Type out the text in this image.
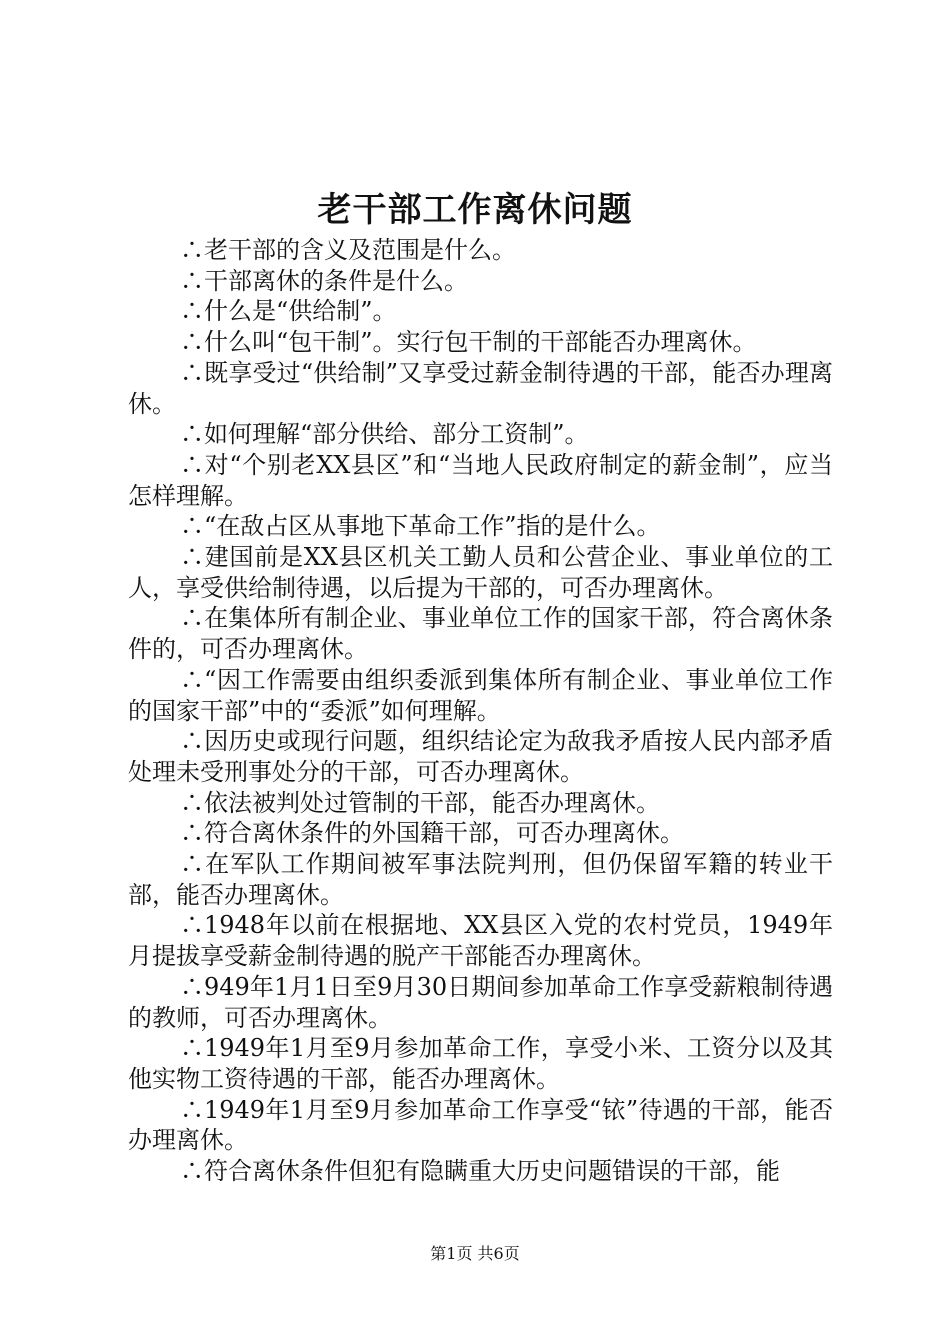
老干部工作离休问题

∴老干部的含义及范围是什么。

∴干部离休的条件是什么。

∴什么是“供给制”。

∴什么叫“包干制”。实行包干制的干部能否办理离休。

∴既享受过“供给制”又享受过薪金制待遇的干部，能否办理离休。

∴如何理解“部分供给、部分工资制”。

∴对“个别老XX县区”和“当地人民政府制定的薪金制”，应当怎样理解。

∴“在敌占区从事地下革命工作”指的是什么。

∴建国前是XX县区机关工勤人员和公营企业、事业单位的工人，享受供给制待遇，以后提为干部的，可否办理离休。

∴在集体所有制企业、事业单位工作的国家干部，符合离休条件的，可否办理离休。

∴“因工作需要由组织委派到集体所有制企业、事业单位工作的国家干部”中的“委派”如何理解。

∴因历史或现行问题，组织结论定为敌我矛盾按人民内部矛盾处理未受刑事处分的干部，可否办理离休。

∴依法被判处过管制的干部，能否办理离休。

∴符合离休条件的外国籍干部，可否办理离休。

∴在军队工作期间被军事法院判刑，但仍保留军籍的转业干部，能否办理离休。

∴1948年以前在根据地、XX县区入党的农村党员，1949年月提拔享受薪金制待遇的脱产干部能否办理离休。

∴949年1月1日至9月30日期间参加革命工作享受薪粮制待遇的教师，可否办理离休。

∴1949年1月至9月参加革命工作，享受小米、工资分以及其他实物工资待遇的干部，能否办理离休。

∴1949年1月至9月参加革命工作享受“铱”待遇的干部，能否办理离休。

∴符合离休条件但犯有隐瞒重大历史问题错误的干部，能

第1页 共6页
